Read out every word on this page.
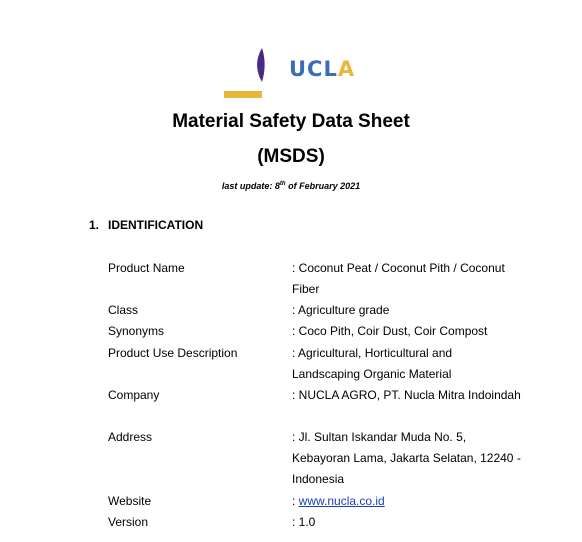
UCLA
Material Safety Data Sheet
(MSDS)
last update: 8th of February 2021
1. IDENTIFICATION
Product Name	: Coconut Peat / Coconut Pith / Coconut Fiber
Class	: Agriculture grade
Synonyms	: Coco Pith, Coir Dust, Coir Compost
Product Use Description	: Agricultural, Horticultural and Landscaping Organic Material
Company	: NUCLA AGRO, PT. Nucla Mitra Indoindah
Address	: Jl. Sultan Iskandar Muda No. 5, Kebayoran Lama, Jakarta Selatan, 12240 - Indonesia
Website	: www.nucla.co.id
Version	: 1.0
